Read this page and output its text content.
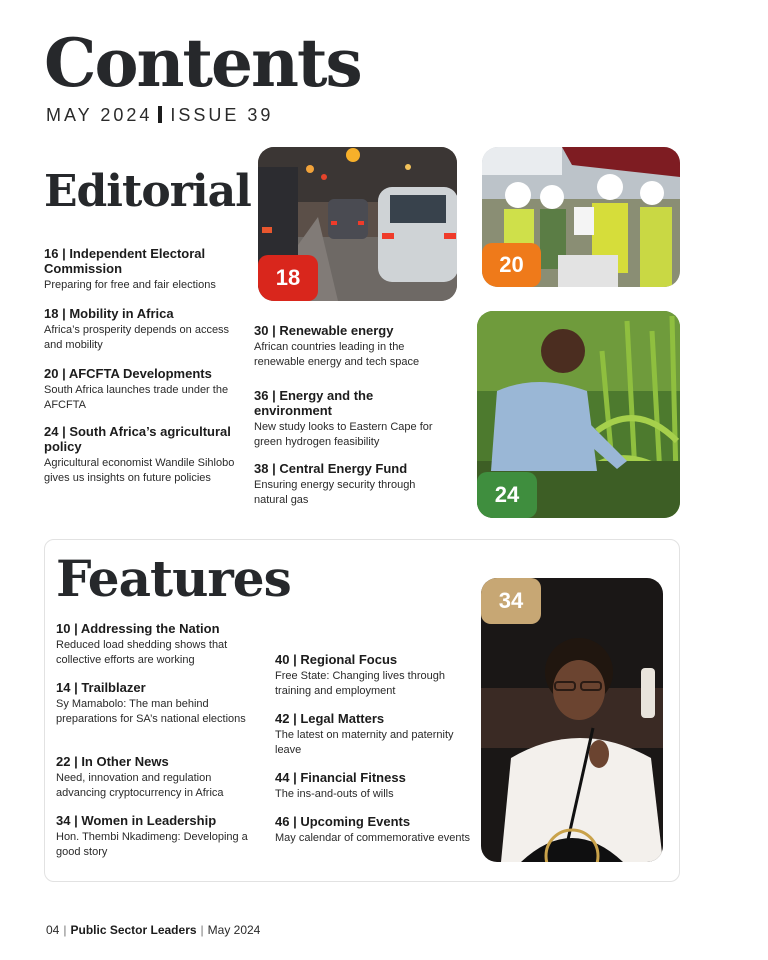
Contents
MAY 2024 ISSUE 39
Editorial
16 | Independent Electoral Commission
Preparing for free and fair elections
18 | Mobility in Africa
Africa’s prosperity depends on access and mobility
20 | AFCFTA Developments
South Africa launches trade under the AFCFTA
24 | South Africa’s agricultural policy
Agricultural economist Wandile Sihlobo gives us insights on future policies
30 | Renewable energy
African countries leading in the renewable energy and tech space
36 | Energy and the environment
New study looks to Eastern Cape for green hydrogen feasibility
38 | Central Energy Fund
Ensuring energy security through natural gas
18
20
24
Features
10 | Addressing the Nation
Reduced load shedding shows that collective efforts are working
14 | Trailblazer
Sy Mamabolo: The man behind preparations for SA’s national elections
22 | In Other News
Need, innovation and regulation advancing cryptocurrency in Africa
34 | Women in Leadership
Hon. Thembi Nkadimeng: Developing a good story
40 | Regional Focus
Free State: Changing lives through training and employment
42 | Legal Matters
The latest on maternity and paternity leave
44 | Financial Fitness
The ins-and-outs of wills
46 | Upcoming Events
May calendar of commemorative events
34
04 | Public Sector Leaders | May 2024
